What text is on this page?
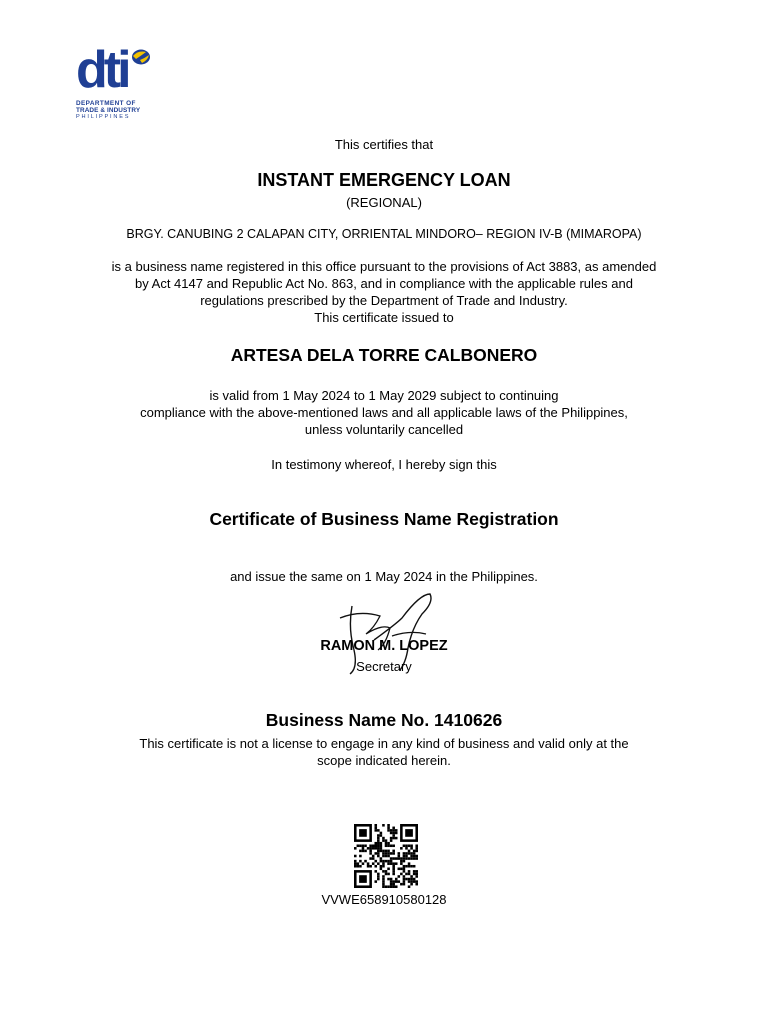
dti
DEPARTMENT OF
TRADE & INDUSTRY
PHILIPPINES
This certifies that
INSTANT EMERGENCY LOAN
(REGIONAL)
BRGY. CANUBING 2 CALAPAN CITY, ORRIENTAL MINDORO– REGION IV-B (MIMAROPA)
is a business name registered in this office pursuant to the provisions of Act 3883, as amended
by Act 4147 and Republic Act No. 863, and in compliance with the applicable rules and
regulations prescribed by the Department of Trade and Industry.
This certificate issued to
ARTESA DELA TORRE CALBONERO
is valid from 1 May 2024 to 1 May 2029 subject to continuing
compliance with the above-mentioned laws and all applicable laws of the Philippines,
unless voluntarily cancelled
In testimony whereof, I hereby sign this
Certificate of Business Name Registration
and issue the same on 1 May 2024 in the Philippines.
RAMON M. LOPEZ
Secretary
Business Name No. 1410626
This certificate is not a license to engage in any kind of business and valid only at the
scope indicated herein.
VVWE658910580128
